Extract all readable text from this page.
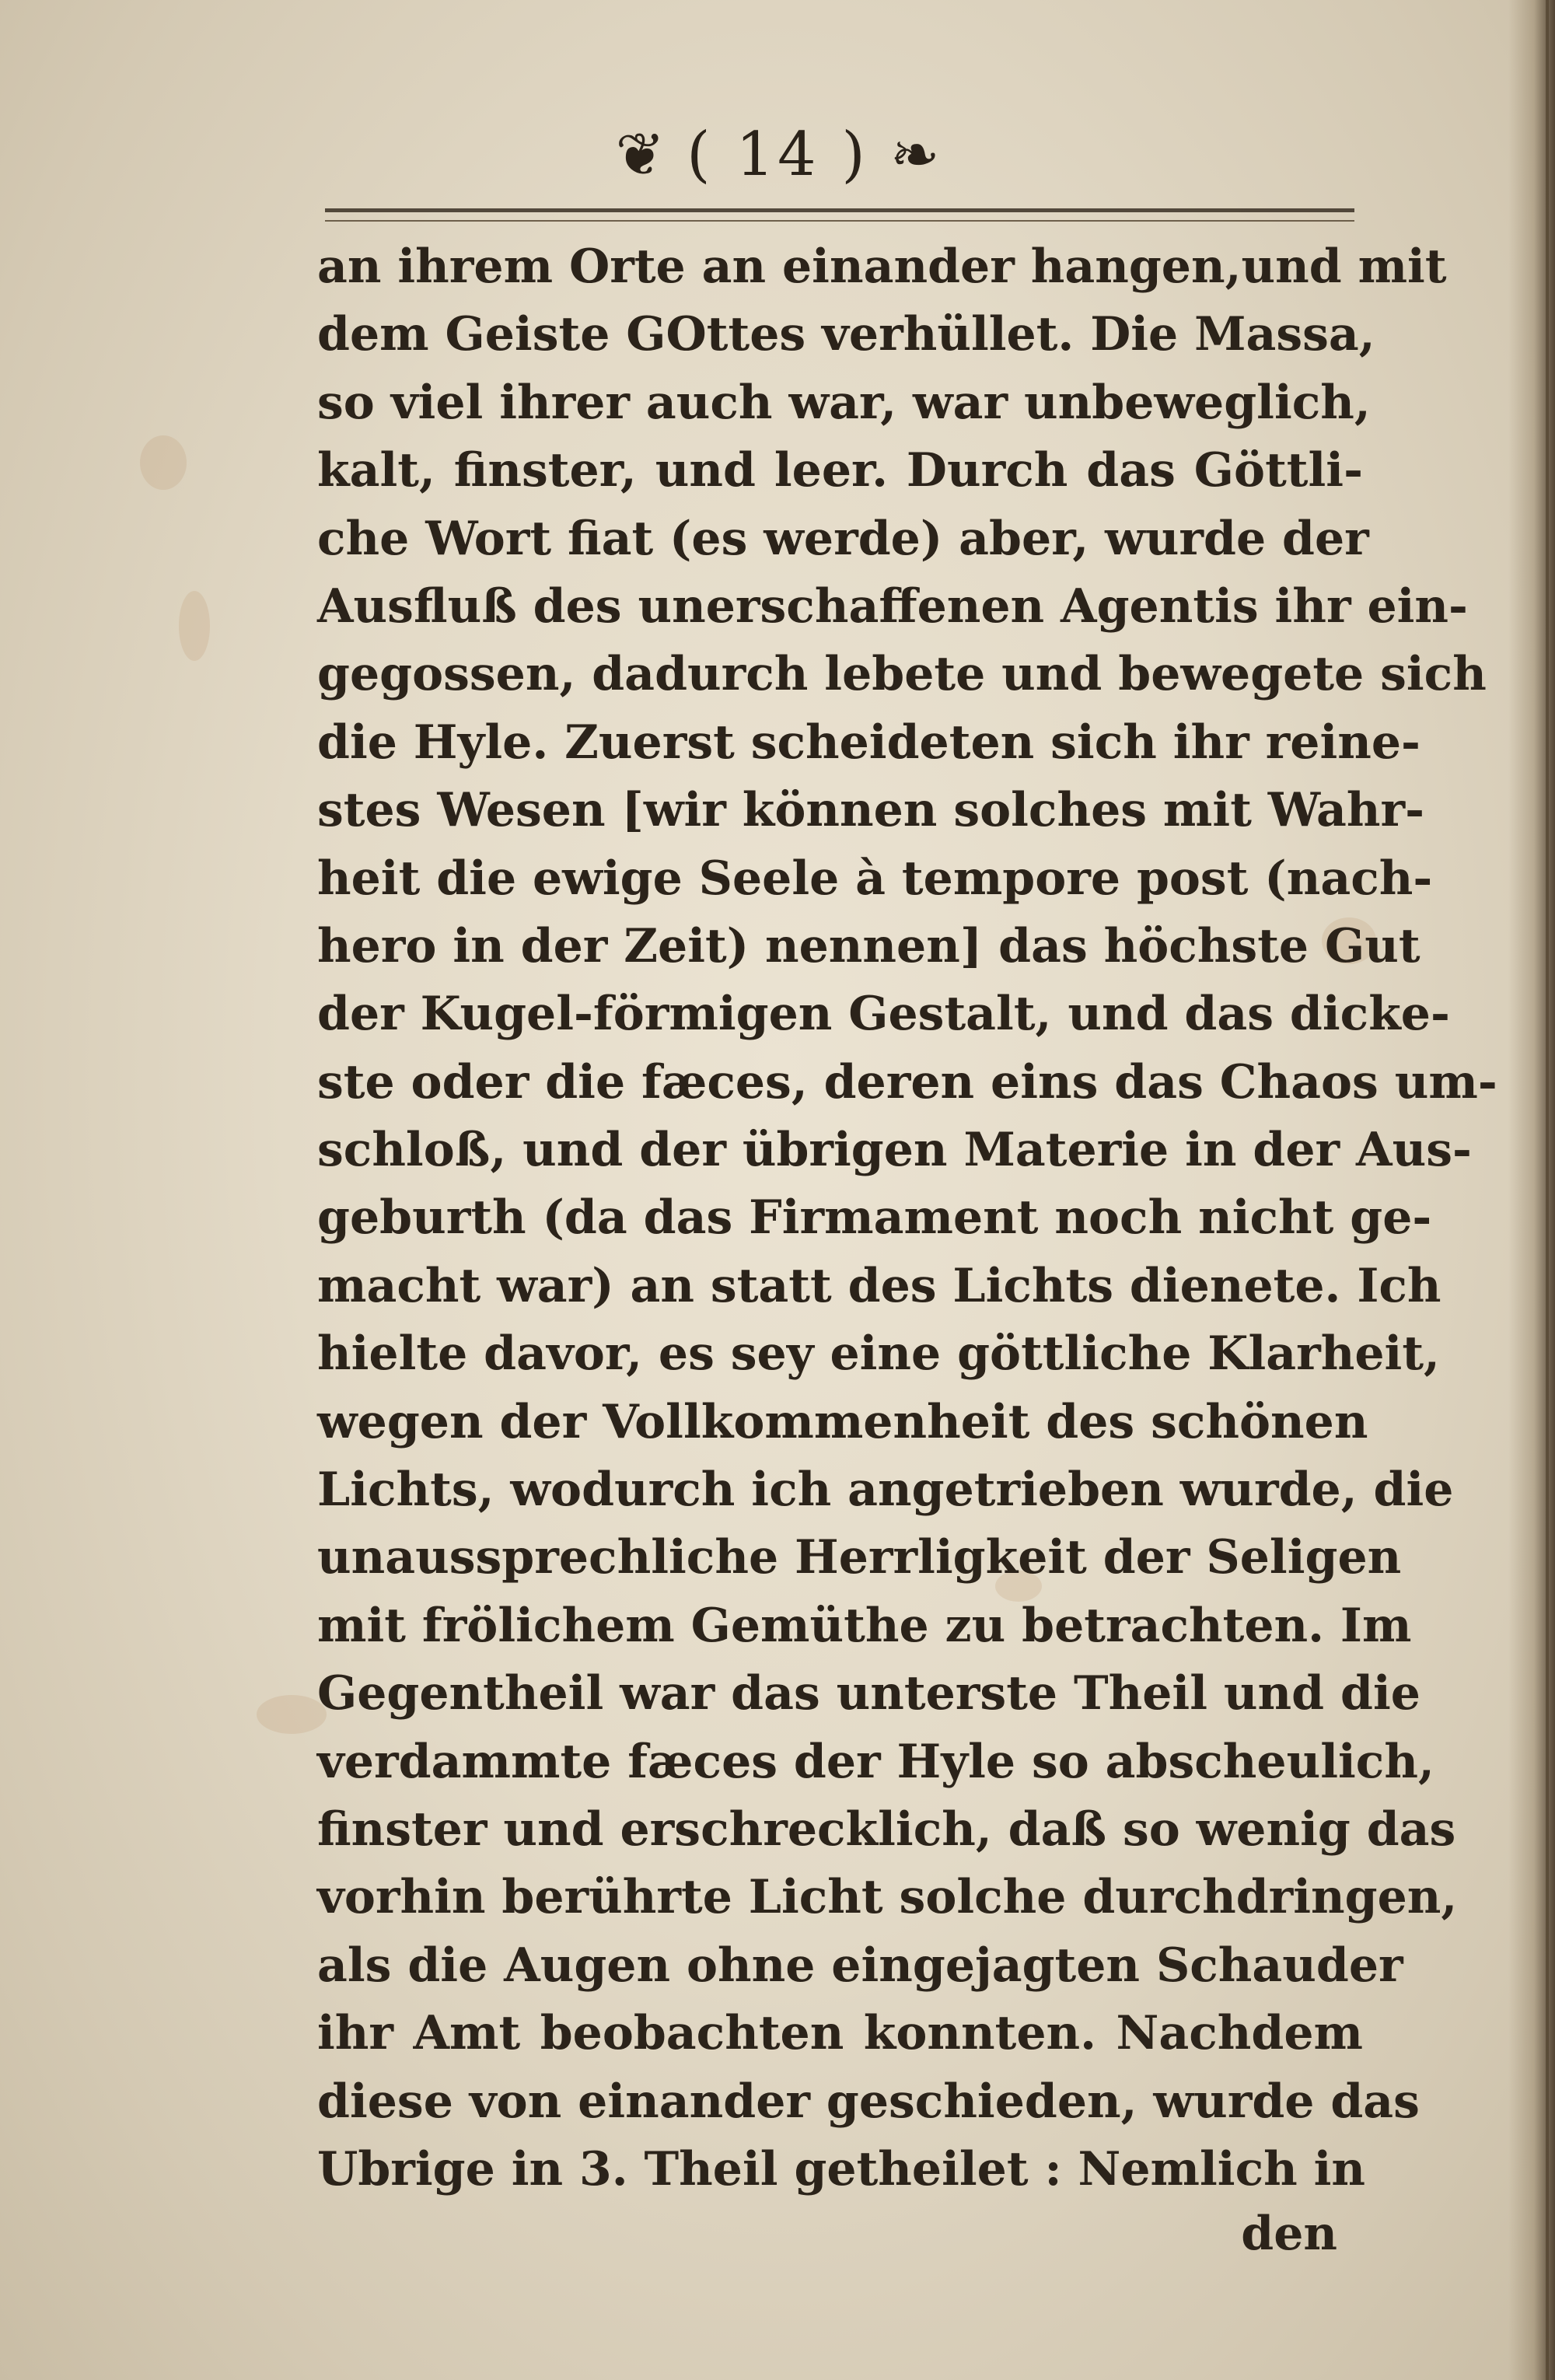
❦ ( 14 ) ❧
an ihrem Orte an einander hangen,und mit
dem Geiste GOttes verhüllet. Die Massa,
so viel ihrer auch war, war unbeweglich,
kalt, finster, und leer. Durch das Göttli-
che Wort fiat (es werde) aber, wurde der
Ausfluß des unerschaffenen Agentis ihr ein-
gegossen, dadurch lebete und bewegete sich
die Hyle. Zuerst scheideten sich ihr reine-
stes Wesen [wir können solches mit Wahr-
heit die ewige Seele à tempore post (nach-
hero in der Zeit) nennen] das höchste Gut
der Kugel-förmigen Gestalt, und das dicke-
ste oder die fæces, deren eins das Chaos um-
schloß, und der übrigen Materie in der Aus-
geburth (da das Firmament noch nicht ge-
macht war) an statt des Lichts dienete. Ich
hielte davor, es sey eine göttliche Klarheit,
wegen der Vollkommenheit des schönen
Lichts, wodurch ich angetrieben wurde, die
unaussprechliche Herrligkeit der Seligen
mit frölichem Gemüthe zu betrachten. Im
Gegentheil war das unterste Theil und die
verdammte fæces der Hyle so abscheulich,
finster und erschrecklich, daß so wenig das
vorhin berührte Licht solche durchdringen,
als die Augen ohne eingejagten Schauder
ihr Amt beobachten konnten. Nachdem
diese von einander geschieden, wurde das
Ubrige in 3. Theil getheilet : Nemlich in
den
